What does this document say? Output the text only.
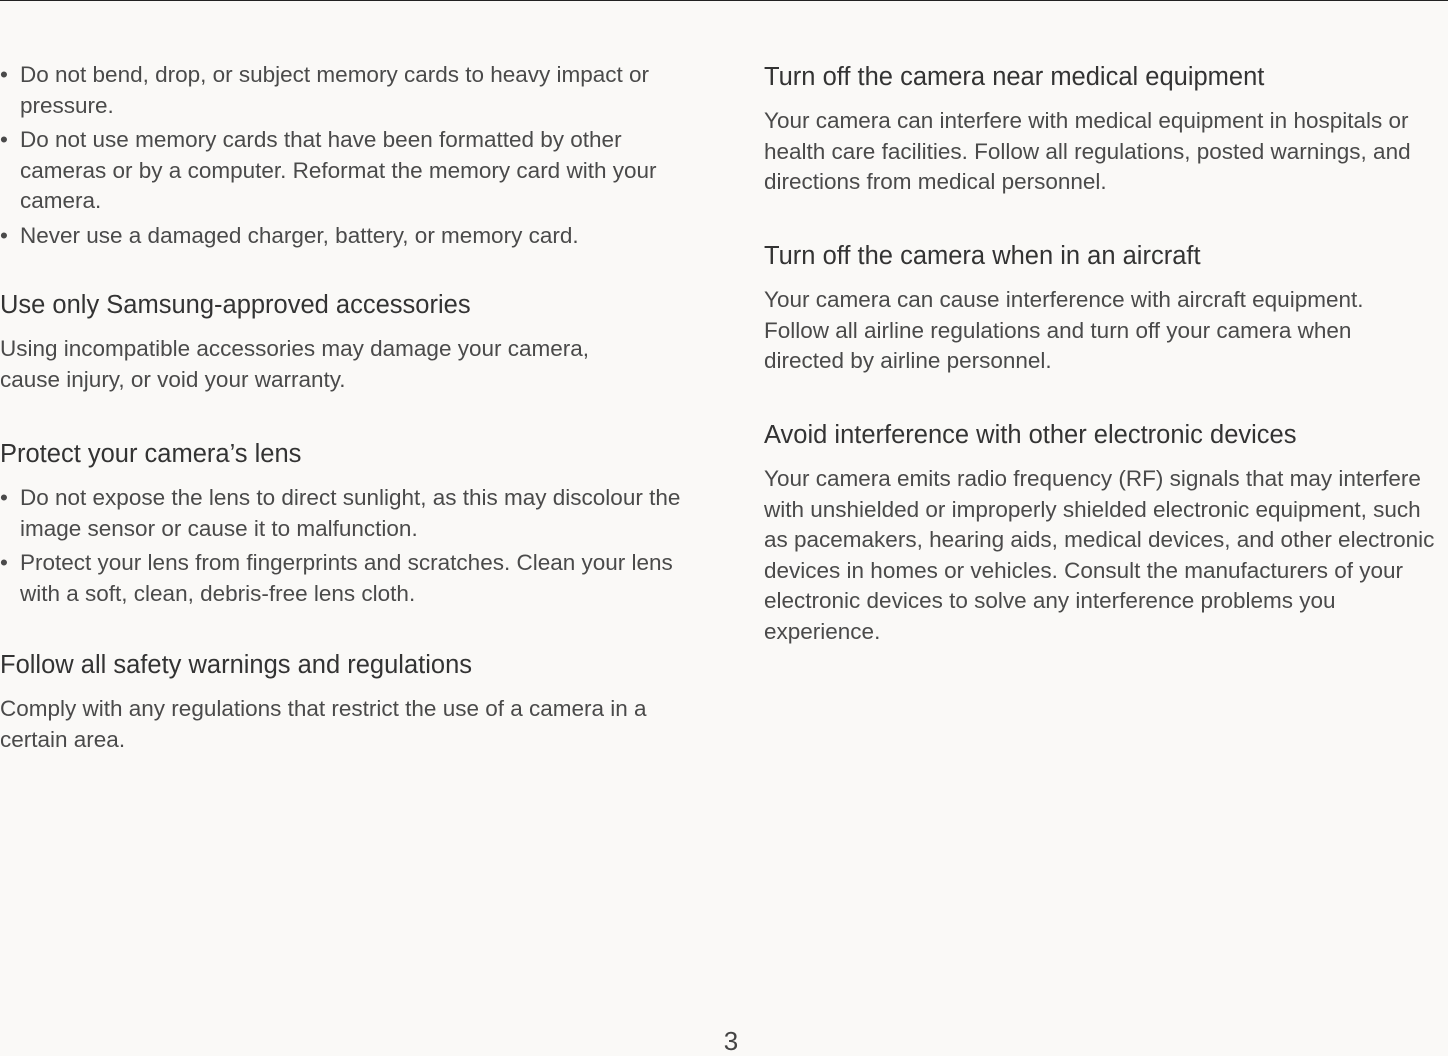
• Do not bend, drop, or subject memory cards to heavy impact or pressure.
• Do not use memory cards that have been formatted by other cameras or by a computer. Reformat the memory card with your camera.
• Never use a damaged charger, battery, or memory card.
Use only Samsung-approved accessories

Using incompatible accessories may damage your camera, cause injury, or void your warranty.

Protect your camera’s lens
• Do not expose the lens to direct sunlight, as this may discolour the image sensor or cause it to malfunction.
• Protect your lens from fingerprints and scratches. Clean your lens with a soft, clean, debris-free lens cloth.
Follow all safety warnings and regulations

Comply with any regulations that restrict the use of a camera in a certain area.

Turn off the camera near medical equipment

Your camera can interfere with medical equipment in hospitals or health care facilities. Follow all regulations, posted warnings, and directions from medical personnel.

Turn off the camera when in an aircraft

Your camera can cause interference with aircraft equipment. Follow all airline regulations and turn off your camera when directed by airline personnel.

Avoid interference with other electronic devices

Your camera emits radio frequency (RF) signals that may interfere with unshielded or improperly shielded electronic equipment, such as pacemakers, hearing aids, medical devices, and other electronic devices in homes or vehicles. Consult the manufacturers of your electronic devices to solve any interference problems you experience.

3
